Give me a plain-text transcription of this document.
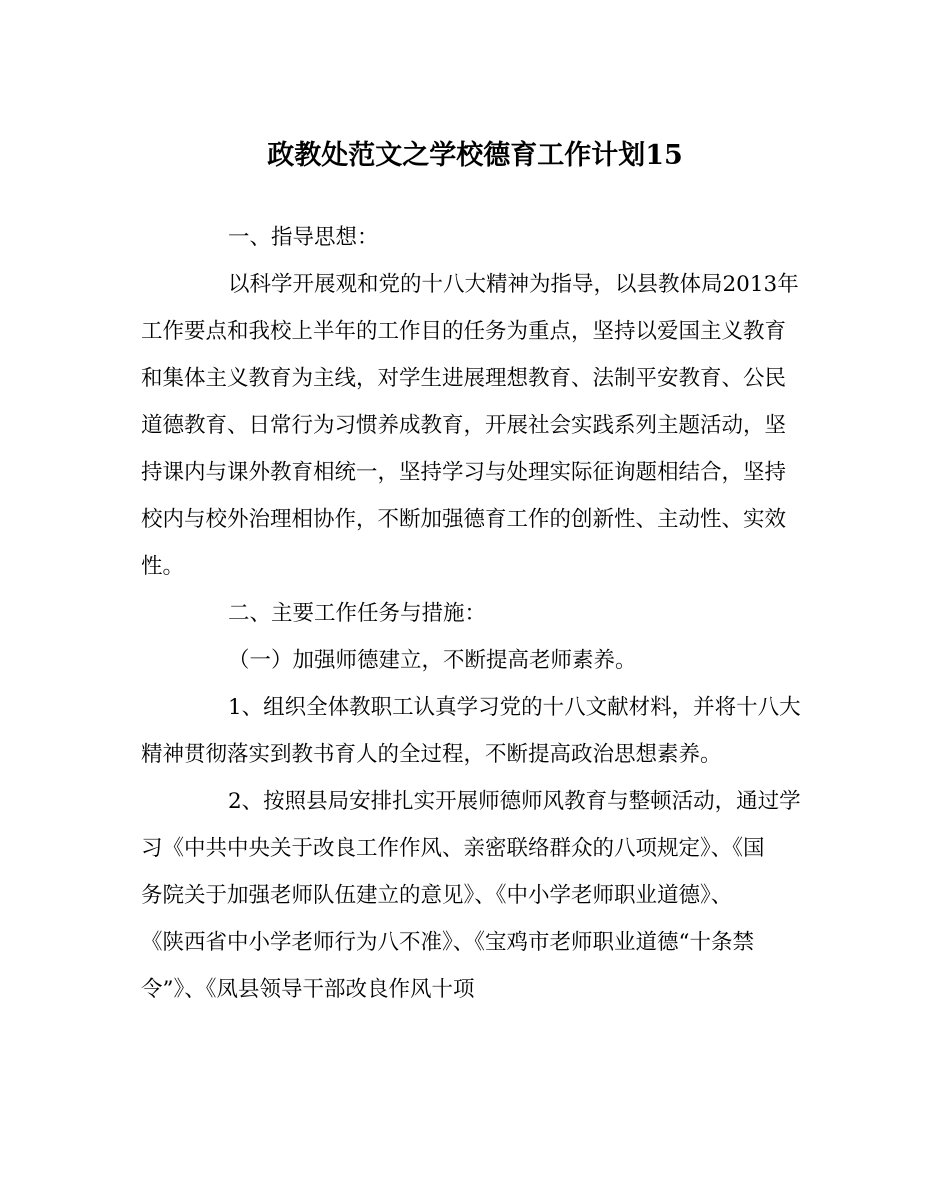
政教处范文之学校德育工作计划15
一、指导思想：
以科学开展观和党的十八大精神为指导，以县教体局2013年
工作要点和我校上半年的工作目的任务为重点，坚持以爱国主义教育
和集体主义教育为主线，对学生进展理想教育、法制平安教育、公民
道德教育、日常行为习惯养成教育，开展社会实践系列主题活动，坚
持课内与课外教育相统一，坚持学习与处理实际征询题相结合，坚持
校内与校外治理相协作，不断加强德育工作的创新性、主动性、实效
性。
二、主要工作任务与措施：
（一）加强师德建立，不断提高老师素养。
1、组织全体教职工认真学习党的十八文献材料，并将十八大
精神贯彻落实到教书育人的全过程，不断提高政治思想素养。
2、按照县局安排扎实开展师德师风教育与整顿活动，通过学
习《中共中央关于改良工作作风、亲密联络群众的八项规定》、《国
务院关于加强老师队伍建立的意见》、《中小学老师职业道德》、
《陕西省中小学老师行为八不准》、《宝鸡市老师职业道德“十条禁
令”》、《凤县领导干部改良作风十项
